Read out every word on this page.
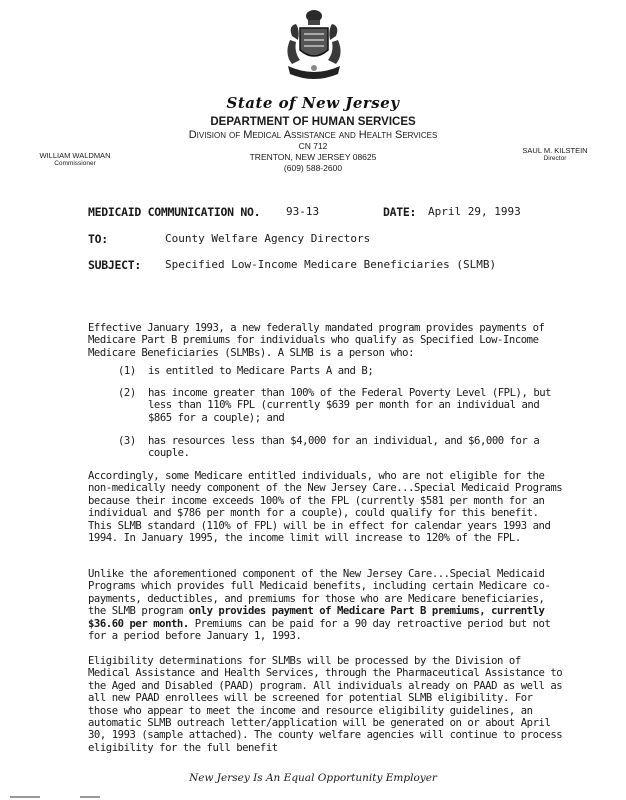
State of New Jersey
DEPARTMENT OF HUMAN SERVICES
Division of Medical Assistance and Health Services
CN 712
TRENTON, NEW JERSEY 08625
(609) 588-2600
WILLIAM WALDMAN
Commissioner
SAUL M. KILSTEIN
Director
MEDICAID COMMUNICATION NO. 93-13	DATE: April 29, 1993
TO:	County Welfare Agency Directors
SUBJECT: Specified Low-Income Medicare Beneficiaries (SLMB)

Effective January 1993, a new federally mandated program provides payments of Medicare Part B premiums for individuals who qualify as Specified Low-Income Medicare Beneficiaries (SLMBs). A SLMB is a person who:

(1) is entitled to Medicare Parts A and B;
(2) has income greater than 100% of the Federal Poverty Level (FPL), but less than 110% FPL (currently $639 per month for an individual and $865 for a couple); and
(3) has resources less than $4,000 for an individual, and $6,000 for a couple.

Accordingly, some Medicare entitled individuals, who are not eligible for the non-medically needy component of the New Jersey Care...Special Medicaid Programs because their income exceeds 100% of the FPL (currently $581 per month for an individual and $786 per month for a couple), could qualify for this benefit. This SLMB standard (110% of FPL) will be in effect for calendar years 1993 and 1994. In January 1995, the income limit will increase to 120% of the FPL.

Unlike the aforementioned component of the New Jersey Care...Special Medicaid Programs which provides full Medicaid benefits, including certain Medicare co-payments, deductibles, and premiums for those who are Medicare beneficiaries, the SLMB program only provides payment of Medicare Part B premiums, currently $36.60 per month. Premiums can be paid for a 90 day retroactive period but not for a period before January 1, 1993.

Eligibility determinations for SLMBs will be processed by the Division of Medical Assistance and Health Services, through the Pharmaceutical Assistance to the Aged and Disabled (PAAD) program. All individuals already on PAAD as well as all new PAAD enrollees will be screened for potential SLMB eligibility. For those who appear to meet the income and resource eligibility guidelines, an automatic SLMB outreach letter/application will be generated on or about April 30, 1993 (sample attached). The county welfare agencies will continue to process eligibility for the full benefit

New Jersey Is An Equal Opportunity Employer
